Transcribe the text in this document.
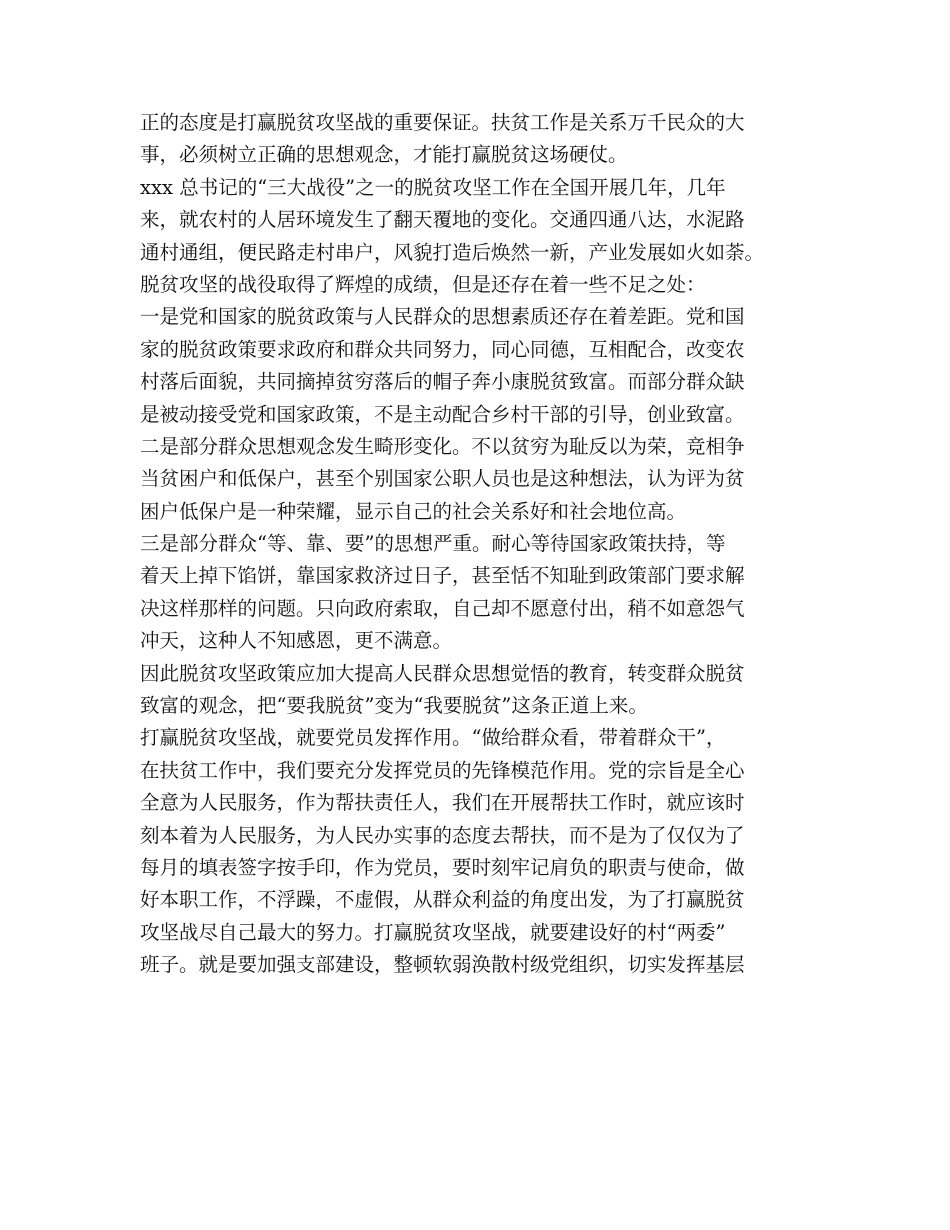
正的态度是打赢脱贫攻坚战的重要保证。扶贫工作是关系万千民众的大
事，必须树立正确的思想观念，才能打赢脱贫这场硬仗。
xxx 总书记的“三大战役”之一的脱贫攻坚工作在全国开展几年，几年
来，就农村的人居环境发生了翻天覆地的变化。交通四通八达，水泥路
通村通组，便民路走村串户，风貌打造后焕然一新，产业发展如火如荼。
脱贫攻坚的战役取得了辉煌的成绩，但是还存在着一些不足之处：
一是党和国家的脱贫政策与人民群众的思想素质还存在着差距。党和国
家的脱贫政策要求政府和群众共同努力，同心同德，互相配合，改变农
村落后面貌，共同摘掉贫穷落后的帽子奔小康脱贫致富。而部分群众缺
是被动接受党和国家政策，不是主动配合乡村干部的引导，创业致富。
二是部分群众思想观念发生畸形变化。不以贫穷为耻反以为荣，竞相争
当贫困户和低保户，甚至个别国家公职人员也是这种想法，认为评为贫
困户低保户是一种荣耀，显示自己的社会关系好和社会地位高。
三是部分群众“等、靠、要”的思想严重。耐心等待国家政策扶持，等
着天上掉下馅饼，靠国家救济过日子，甚至恬不知耻到政策部门要求解
决这样那样的问题。只向政府索取，自己却不愿意付出，稍不如意怨气
冲天，这种人不知感恩，更不满意。
因此脱贫攻坚政策应加大提高人民群众思想觉悟的教育，转变群众脱贫
致富的观念，把“要我脱贫”变为“我要脱贫”这条正道上来。
打赢脱贫攻坚战，就要党员发挥作用。“做给群众看，带着群众干”，
在扶贫工作中，我们要充分发挥党员的先锋模范作用。党的宗旨是全心
全意为人民服务，作为帮扶责任人，我们在开展帮扶工作时，就应该时
刻本着为人民服务，为人民办实事的态度去帮扶，而不是为了仅仅为了
每月的填表签字按手印，作为党员，要时刻牢记肩负的职责与使命，做
好本职工作，不浮躁，不虚假，从群众利益的角度出发，为了打赢脱贫
攻坚战尽自己最大的努力。打赢脱贫攻坚战，就要建设好的村“两委”
班子。就是要加强支部建设，整顿软弱涣散村级党组织，切实发挥基层
